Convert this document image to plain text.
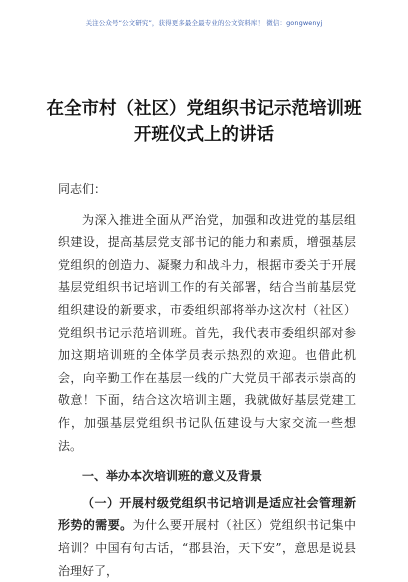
关注公众号“公文研究”，获得更多最全最专业的公文资料库！ 微信：gongwenyj
在全市村（社区）党组织书记示范培训班开班仪式上的讲话
同志们：
为深入推进全面从严治党，加强和改进党的基层组织建设，提高基层党支部书记的能力和素质，增强基层党组织的创造力、凝聚力和战斗力，根据市委关于开展基层党组织书记培训工作的有关部署，结合当前基层党组织建设的新要求，市委组织部将举办这次村（社区）党组织书记示范培训班。首先，我代表市委组织部对参加这期培训班的全体学员表示热烈的欢迎。也借此机会，向辛勤工作在基层一线的广大党员干部表示崇高的敬意！下面，结合这次培训主题，我就做好基层党建工作，加强基层党组织书记队伍建设与大家交流一些想法。
一、举办本次培训班的意义及背景
（一）开展村级党组织书记培训是适应社会管理新形势的需要。为什么要开展村（社区）党组织书记集中培训？中国有句古话，“郡县治，天下安”，意思是说县治理好了，
